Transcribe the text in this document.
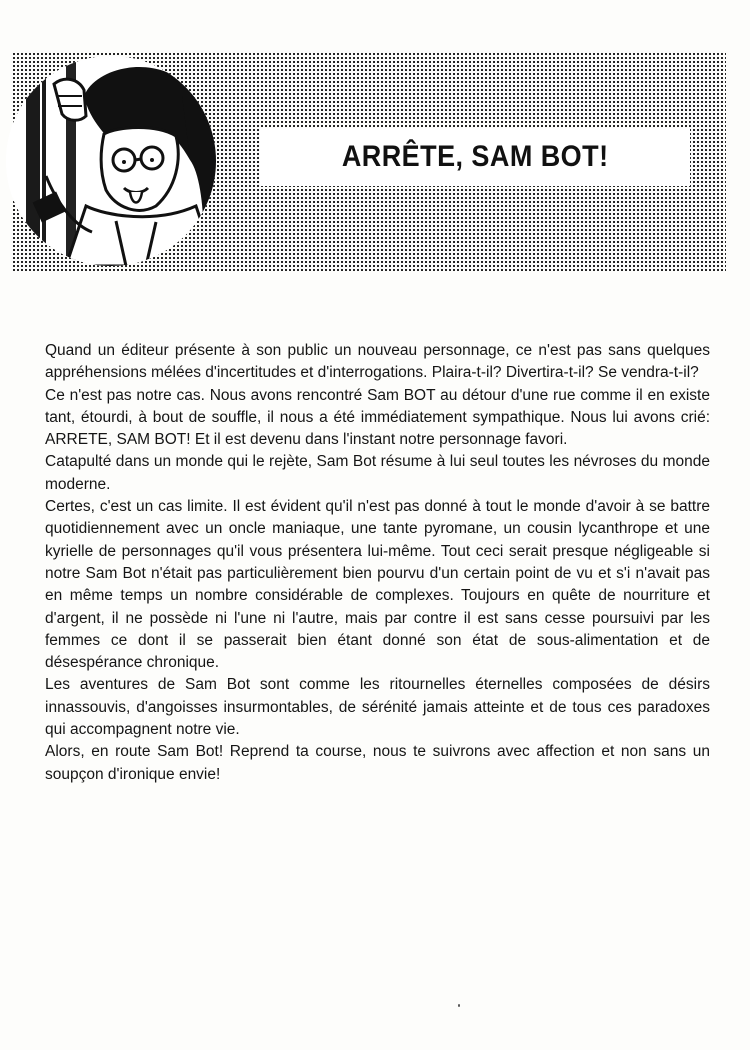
ARRÊTE, SAM BOT!

Quand un éditeur présente à son public un nouveau personnage, ce n'est pas sans quelques appréhensions mélées d'incertitudes et d'interrogations. Plaira-t-il? Divertira-t-il? Se vendra-t-il?

Ce n'est pas notre cas. Nous avons rencontré Sam BOT au détour d'une rue comme il en existe tant, étourdi, à bout de souffle, il nous a été immédiatement sympathique. Nous lui avons crié: ARRETE, SAM BOT! Et il est devenu dans l'instant notre personnage favori.

Catapulté dans un monde qui le rejète, Sam Bot résume à lui seul toutes les névroses du monde moderne.

Certes, c'est un cas limite. Il est évident qu'il n'est pas donné à tout le monde d'avoir à se battre quotidiennement avec un oncle maniaque, une tante pyromane, un cousin lycanthrope et une kyrielle de personnages qu'il vous présentera lui-même. Tout ceci serait presque négligeable si notre Sam Bot n'était pas particulièrement bien pourvu d'un certain point de vu et s'i n'avait pas en même temps un nombre considérable de complexes. Toujours en quête de nourriture et d'argent, il ne possède ni l'une ni l'autre, mais par contre il est sans cesse poursuivi par les femmes ce dont il se passerait bien étant donné son état de sous-alimentation et de désespérance chronique.

Les aventures de Sam Bot sont comme les ritournelles éternelles composées de désirs innassouvis, d'angoisses insurmontables, de sérénité jamais atteinte et de tous ces paradoxes qui accompagnent notre vie.

Alors, en route Sam Bot! Reprend ta course, nous te suivrons avec affection et non sans un soupçon d'ironique envie!
